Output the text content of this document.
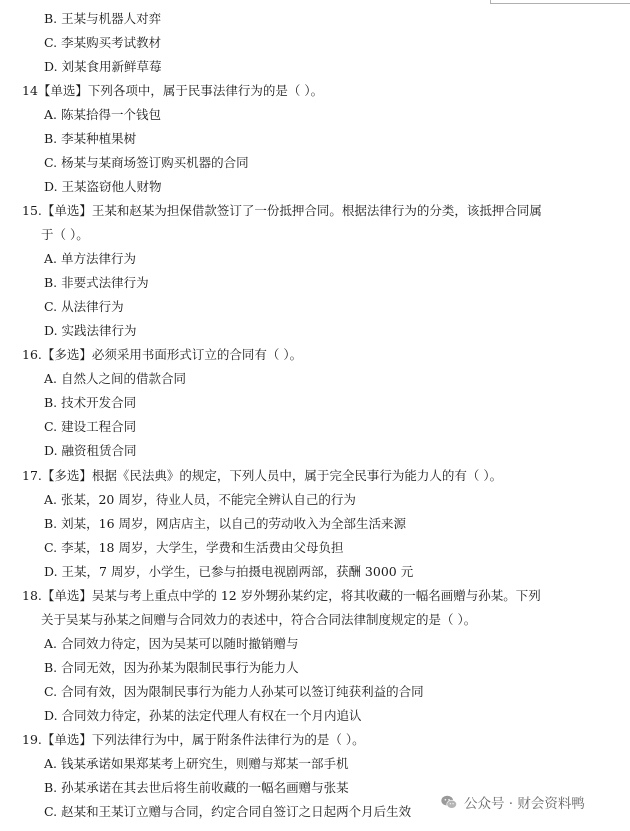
B. 王某与机器人对弈
C. 李某购买考试教材
D. 刘某食用新鲜草莓
14【单选】下列各项中，属于民事法律行为的是（ ）。
A. 陈某拾得一个钱包
B. 李某种植果树
C. 杨某与某商场签订购买机器的合同
D. 王某盗窃他人财物
15.【单选】王某和赵某为担保借款签订了一份抵押合同。根据法律行为的分类，该抵押合同属
于（ ）。
A. 单方法律行为
B. 非要式法律行为
C. 从法律行为
D. 实践法律行为
16.【多选】必须采用书面形式订立的合同有（ ）。
A. 自然人之间的借款合同
B. 技术开发合同
C. 建设工程合同
D. 融资租赁合同
17.【多选】根据《民法典》的规定，下列人员中，属于完全民事行为能力人的有（ ）。
A. 张某，20 周岁，待业人员，不能完全辨认自己的行为
B. 刘某，16 周岁，网店店主，以自己的劳动收入为全部生活来源
C. 李某，18 周岁，大学生，学费和生活费由父母负担
D. 王某，7 周岁，小学生，已参与拍摄电视剧两部，获酬 3000 元
18.【单选】吴某与考上重点中学的 12 岁外甥孙某约定，将其收藏的一幅名画赠与孙某。下列
关于吴某与孙某之间赠与合同效力的表述中，符合合同法律制度规定的是（ ）。
A. 合同效力待定，因为吴某可以随时撤销赠与
B. 合同无效，因为孙某为限制民事行为能力人
C. 合同有效，因为限制民事行为能力人孙某可以签订纯获利益的合同
D. 合同效力待定，孙某的法定代理人有权在一个月内追认
19.【单选】下列法律行为中，属于附条件法律行为的是（ ）。
A. 钱某承诺如果郑某考上研究生，则赠与郑某一部手机
B. 孙某承诺在其去世后将生前收藏的一幅名画赠与张某
C. 赵某和王某订立赠与合同，约定合同自签订之日起两个月后生效	公众号 · 财会资料鸭
